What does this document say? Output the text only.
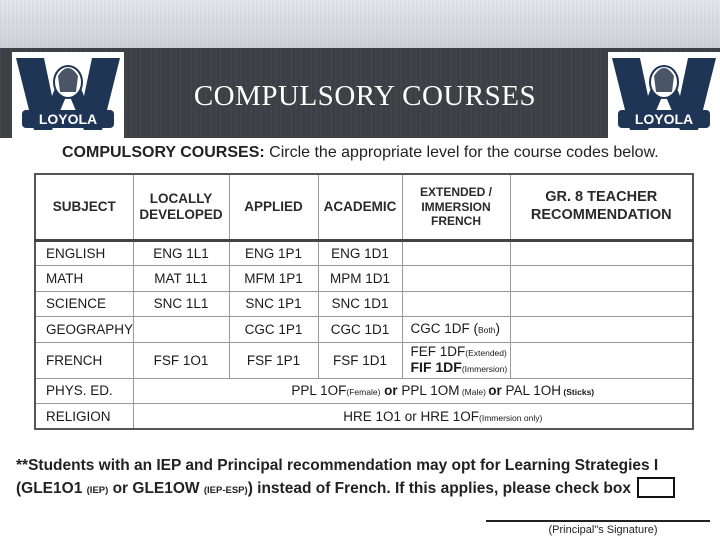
LOYOLA	LOYOLA
COMPULSORY COURSES
COMPULSORY COURSES: Circle the appropriate level for the course codes below.
SUBJECT	LOCALLY DEVELOPED	APPLIED	ACADEMIC	EXTENDED / IMMERSION FRENCH	GR. 8 TEACHER RECOMMENDATION
ENGLISH	ENG 1L1	ENG 1P1	ENG 1D1		
MATH	MAT 1L1	MFM 1P1	MPM 1D1		
SCIENCE	SNC 1L1	SNC 1P1	SNC 1D1		
GEOGRAPHY		CGC 1P1	CGC 1D1	CGC 1DF (Both)	
FRENCH	FSF 1O1	FSF 1P1	FSF 1D1	FEF 1DF(Extended)
FIF 1DF(Immersion)	

PHYS. ED.	PPL 1OF(Female) or PPL 1OM (Male) or PAL 1OH (Sticks)				
RELIGION	HRE 1O1 or HRE 1OF(Immersion only)				
**Students with an IEP and Principal recommendation may opt for Learning Strategies I (GLE1O1 (IEP) or GLE1OW (IEP-ESP)) instead of French. If this applies, please check box
(Principal"s Signature)
